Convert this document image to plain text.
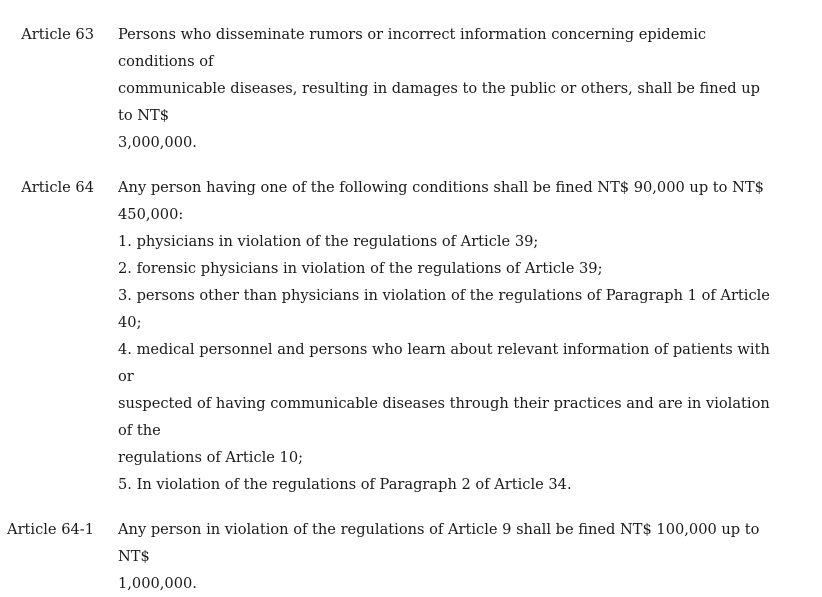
Article 63 Persons who disseminate rumors or incorrect information concerning epidemic conditions of
communicable diseases, resulting in damages to the public or others, shall be fined up to NT$
3,000,000.
Article 64 Any person having one of the following conditions shall be fined NT$ 90,000 up to NT$
450,000:
1. physicians in violation of the regulations of Article 39;
2. forensic physicians in violation of the regulations of Article 39;
3. persons other than physicians in violation of the regulations of Paragraph 1 of Article 40;
4. medical personnel and persons who learn about relevant information of patients with or
suspected of having communicable diseases through their practices and are in violation of the
regulations of Article 10;
5. In violation of the regulations of Paragraph 2 of Article 34.
Article 64-1 Any person in violation of the regulations of Article 9 shall be fined NT$ 100,000 up to NT$
1,000,000.
